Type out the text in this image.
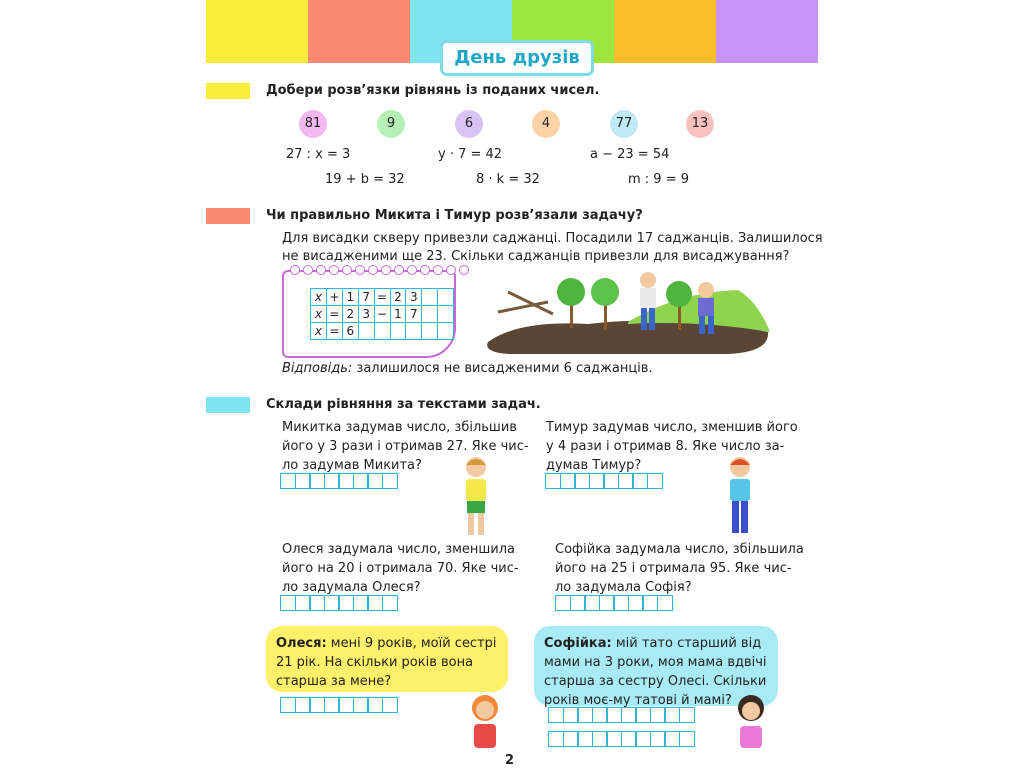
День друзів
Добери розв’язки рівнянь із поданих чисел.
81	9	6	4	77	13
27 : x = 3	y · 7 = 42	a − 23 = 54
19 + b = 32	8 · k = 32	m : 9 = 9
Чи правильно Микита і Тимур розв’язали задачу?
Для висадки скверу привезли саджанці. Посадили 17 саджанців. Залишилося
не висадженими ще 23. Скільки саджанців привезли для висаджування?
x	+	1	7	=	2	3		
x	=	2	3	−	1	7		
x	=	6						
Відповідь: залишилося не висадженими 6 саджанців.
Склади рівняння за текстами задач.
Микитка задумав число, збільшив
його у 3 рази і отримав 27. Яке чис-
ло задумав Микита?
Тимур задумав число, зменшив його
у 4 рази і отримав 8. Яке число за-
думав Тимур?
Олеся задумала число, зменшила
його на 20 і отримала 70. Яке чис-
ло задумала Олеся?
Софійка задумала число, збільшила
його на 25 і отримала 95. Яке чис-
ло задумала Софія?
Олеся: мені 9 років, моїй сестрі 21 рік. На скільки років вона старша за мене?
Софійка: мій тато старший від мами на 3 роки, моя мама вдвічі старша за сестру Олесі. Скільки років моє-му татові й мамі?
2
